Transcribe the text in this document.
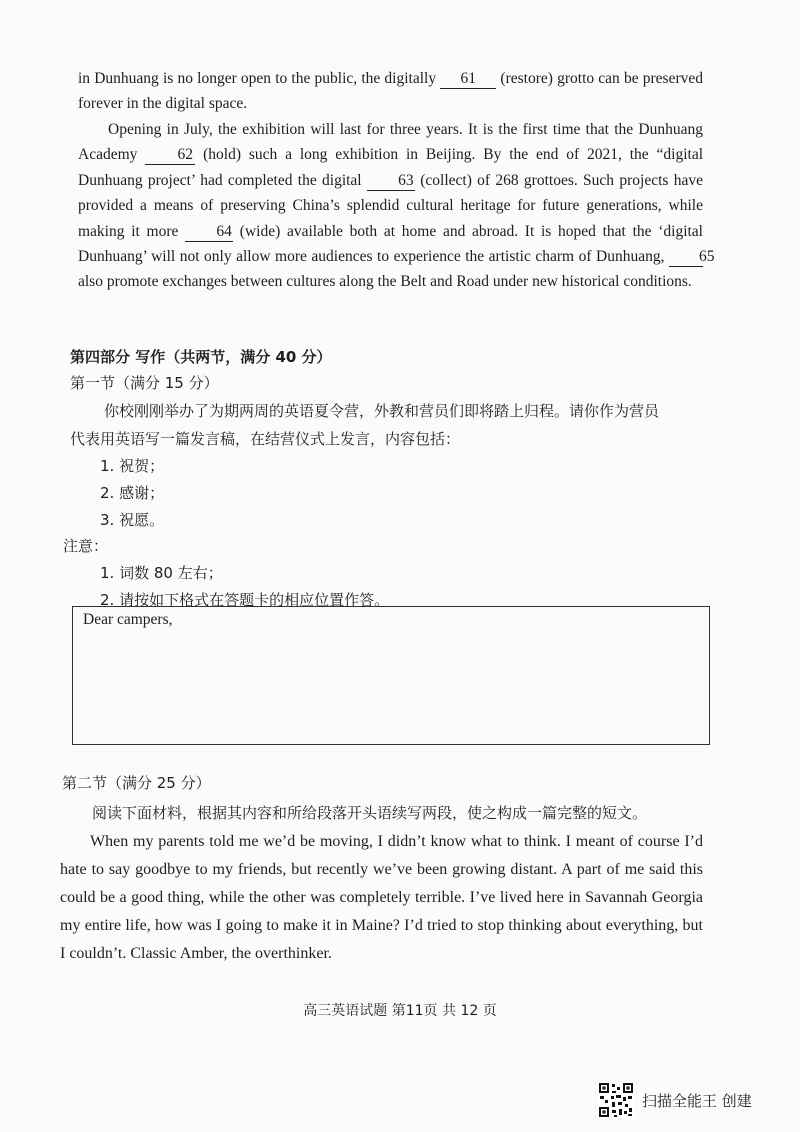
in Dunhuang is no longer open to the public, the digitally 61 (restore) grotto can be preserved forever in the digital space.

Opening in July, the exhibition will last for three years. It is the first time that the Dunhuang Academy 62 (hold) such a long exhibition in Beijing. By the end of 2021, the “digital Dunhuang project’ had completed the digital 63 (collect) of 268 grottoes. Such projects have provided a means of preserving China’s splendid cultural heritage for future generations, while making it more 64 (wide) available both at home and abroad. It is hoped that the ‘digital Dunhuang’ will not only allow more audiences to experience the artistic charm of Dunhuang, 65 also promote exchanges between cultures along the Belt and Road under new historical conditions.

第四部分 写作（共两节，满分 40 分）

第一节（满分 15 分）

你校刚刚举办了为期两周的英语夏令营，外教和营员们即将踏上归程。请你作为营员

代表用英语写一篇发言稿，在结营仪式上发言，内容包括：

1. 祝贺；

2. 感谢；

3. 祝愿。

注意：

1. 词数 80 左右；

2. 请按如下格式在答题卡的相应位置作答。

Dear campers,

第二节（满分 25 分）

阅读下面材料，根据其内容和所给段落开头语续写两段，使之构成一篇完整的短文。

When my parents told me we’d be moving, I didn’t know what to think. I meant of course I’d hate to say goodbye to my friends, but recently we’ve been growing distant. A part of me said this could be a good thing, while the other was completely terrible. I’ve lived here in Savannah Georgia my entire life, how was I going to make it in Maine? I’d tried to stop thinking about everything, but I couldn’t. Classic Amber, the overthinker.

高三英语试题 第11页 共 12 页
扫描全能王 创建
